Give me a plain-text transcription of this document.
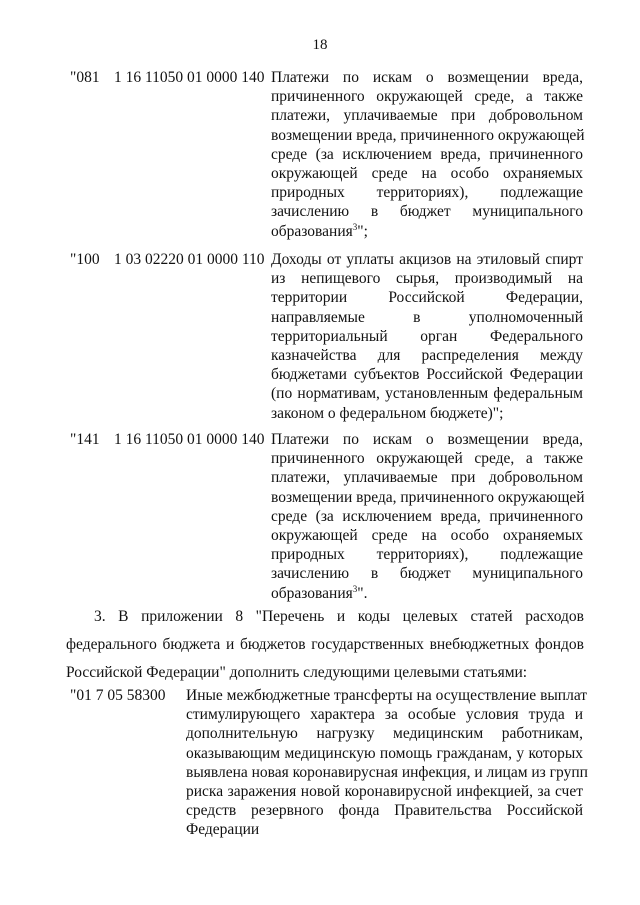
18
"081 1 16 11050 01 0000 140 Платежи по искам о возмещении вреда,
причиненного окружающей среде, а также
платежи, уплачиваемые при добровольном
возмещении вреда, причиненного окружающей
среде (за исключением вреда, причиненного
окружающей среде на особо охраняемых
природных территориях), подлежащие
зачислению в бюджет муниципального
образования$^3$";
"100 1 03 02220 01 0000 110 Доходы от уплаты акцизов на этиловый спирт
из непищевого сырья, производимый на
территории Российской Федерации,
направляемые в уполномоченный
территориальный орган Федерального
казначейства для распределения между
бюджетами субъектов Российской Федерации
(по нормативам, установленным федеральным
законом о федеральном бюджете)";
"141 1 16 11050 01 0000 140 Платежи по искам о возмещении вреда,
причиненного окружающей среде, а также
платежи, уплачиваемые при добровольном
возмещении вреда, причиненного окружающей
среде (за исключением вреда, причиненного
окружающей среде на особо охраняемых
природных территориях), подлежащие
зачислению в бюджет муниципального
образования$^3$".
3. В приложении 8 "Перечень и коды целевых статей расходов
федерального бюджета и бюджетов государственных внебюджетных фондов
Российской Федерации" дополнить следующими целевыми статьями:
"01 7 05 58300 Иные межбюджетные трансферты на осуществление выплат
стимулирующего характера за особые условия труда и
дополнительную нагрузку медицинским работникам,
оказывающим медицинскую помощь гражданам, у которых
выявлена новая коронавирусная инфекция, и лицам из групп
риска заражения новой коронавирусной инфекцией, за счет
средств резервного фонда Правительства Российской
Федерации
